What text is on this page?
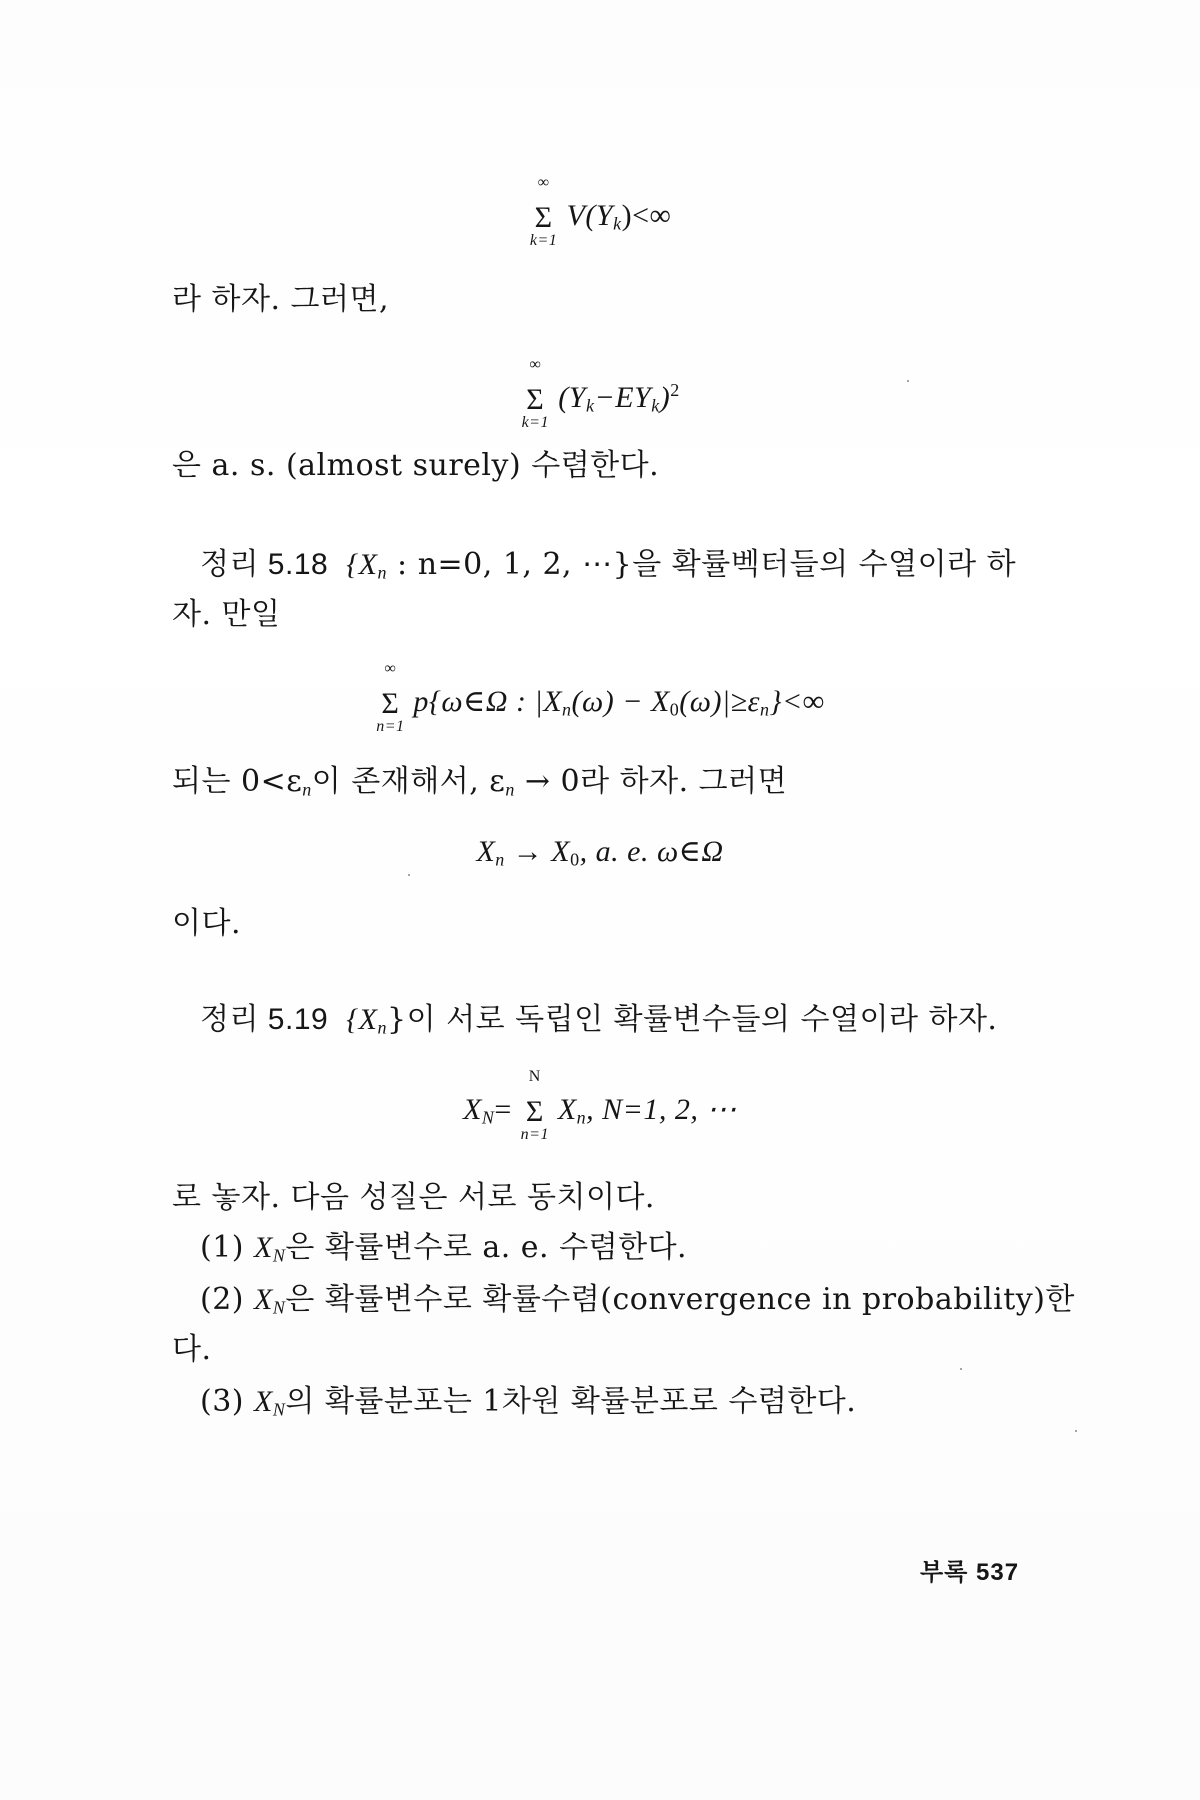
∞
Σ
k=1
$V(Y_k)<\infty$
라 하자. 그러면,
∞
Σ
k=1
$(Y_k-EY_k)^2$
은 a. s. (almost surely) 수렴한다.
정리 5.18 {$X_n$ : n=0, 1, 2, ⋯}을 확률벡터들의 수열이라 하
자. 만일
∞
Σ
n=1
p{ω∈Ω : $|X_n(\omega) - X_0(\omega)|\ge\varepsilon_n\}<\infty$
되는 $0<\varepsilon_n$이 존재해서, $\varepsilon_n \to 0$라 하자. 그러면
$X_n \to X_0$, a. e. ω∈Ω
이다.
정리 5.19 $\{X_n\}$이 서로 독립인 확률변수들의 수열이라 하자.
$X_N=$
N
Σ
n=1
$X_n$, N=1, 2, ⋯
로 놓자. 다음 성질은 서로 동치이다.
(1) $X_N$은 확률변수로 a. e. 수렴한다.
(2) $X_N$은 확률변수로 확률수렴(convergence in probability)한
다.
(3) $X_N$의 확률분포는 1차원 확률분포로 수렴한다.
부록 537
